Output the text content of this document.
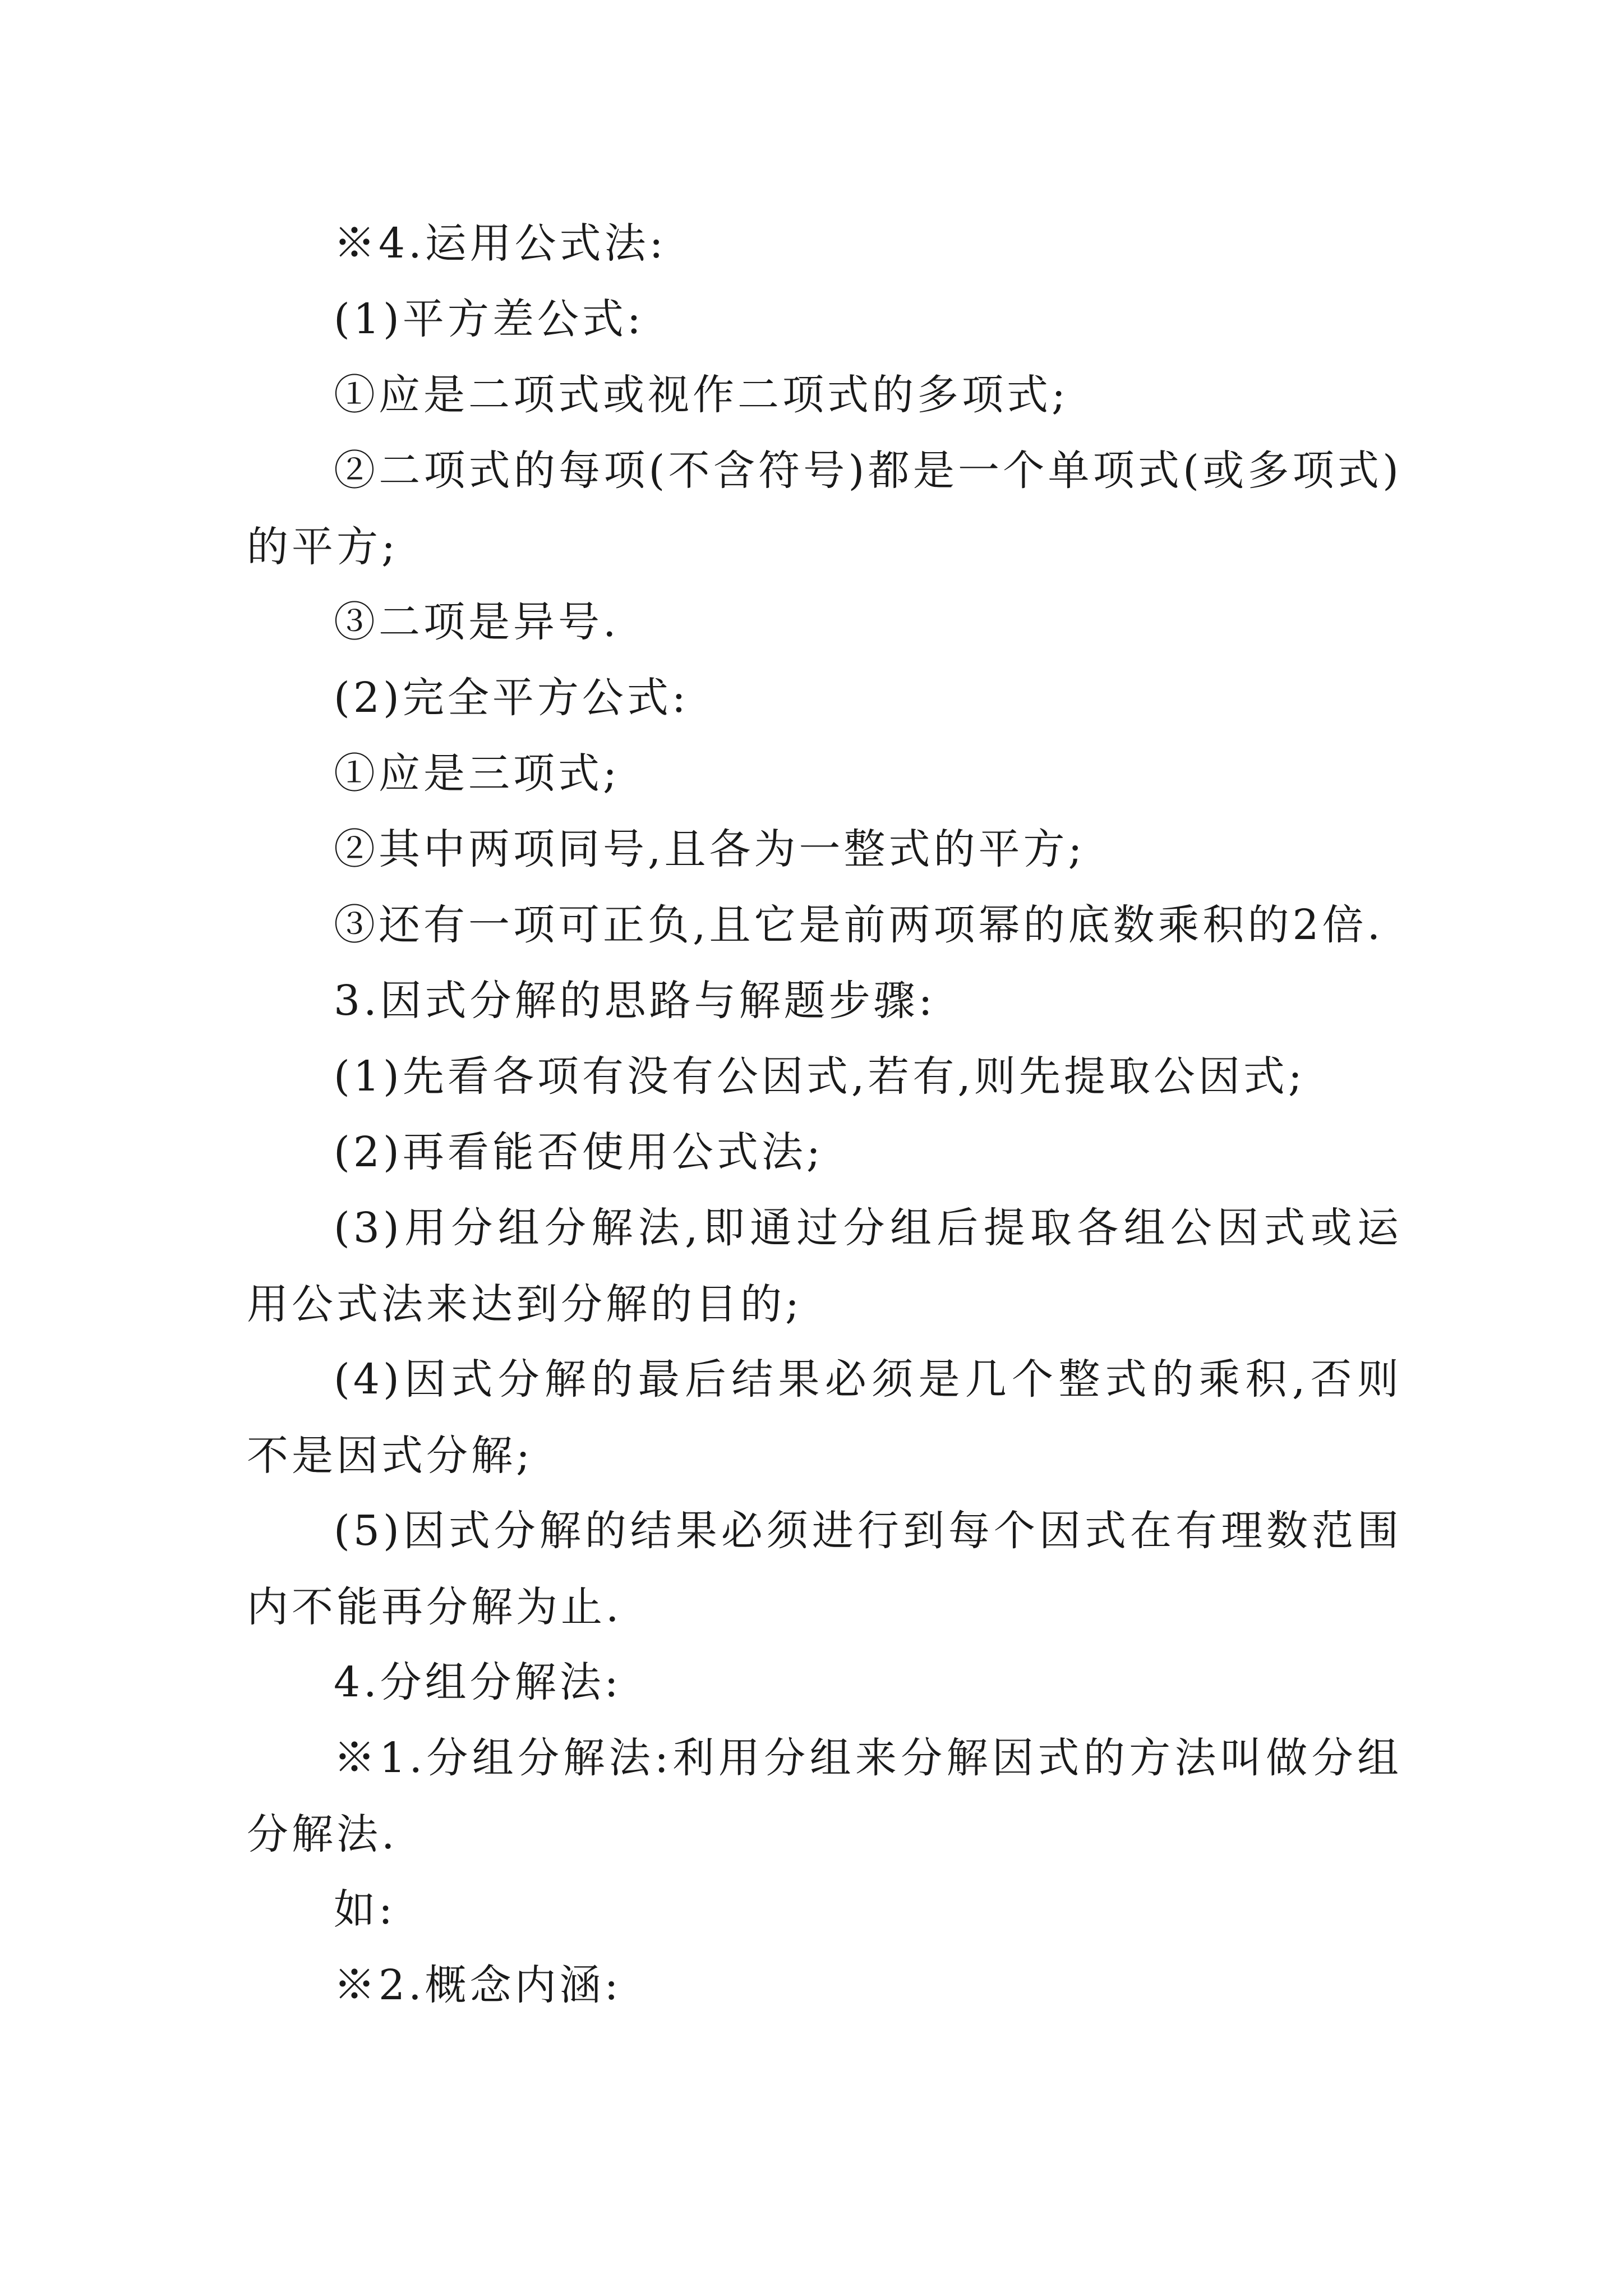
※4.运用公式法:

(1)平方差公式:

①应是二项式或视作二项式的多项式;

②二项式的每项(不含符号)都是一个单项式(或多项式)的平方;

③二项是异号.

(2)完全平方公式:

①应是三项式;

②其中两项同号,且各为一整式的平方;

③还有一项可正负,且它是前两项幂的底数乘积的2倍.

3.因式分解的思路与解题步骤:

(1)先看各项有没有公因式,若有,则先提取公因式;

(2)再看能否使用公式法;

(3)用分组分解法,即通过分组后提取各组公因式或运用公式法来达到分解的目的;

(4)因式分解的最后结果必须是几个整式的乘积,否则不是因式分解;

(5)因式分解的结果必须进行到每个因式在有理数范围内不能再分解为止.

4.分组分解法:

※1.分组分解法:利用分组来分解因式的方法叫做分组分解法.

如:

※2.概念内涵:
